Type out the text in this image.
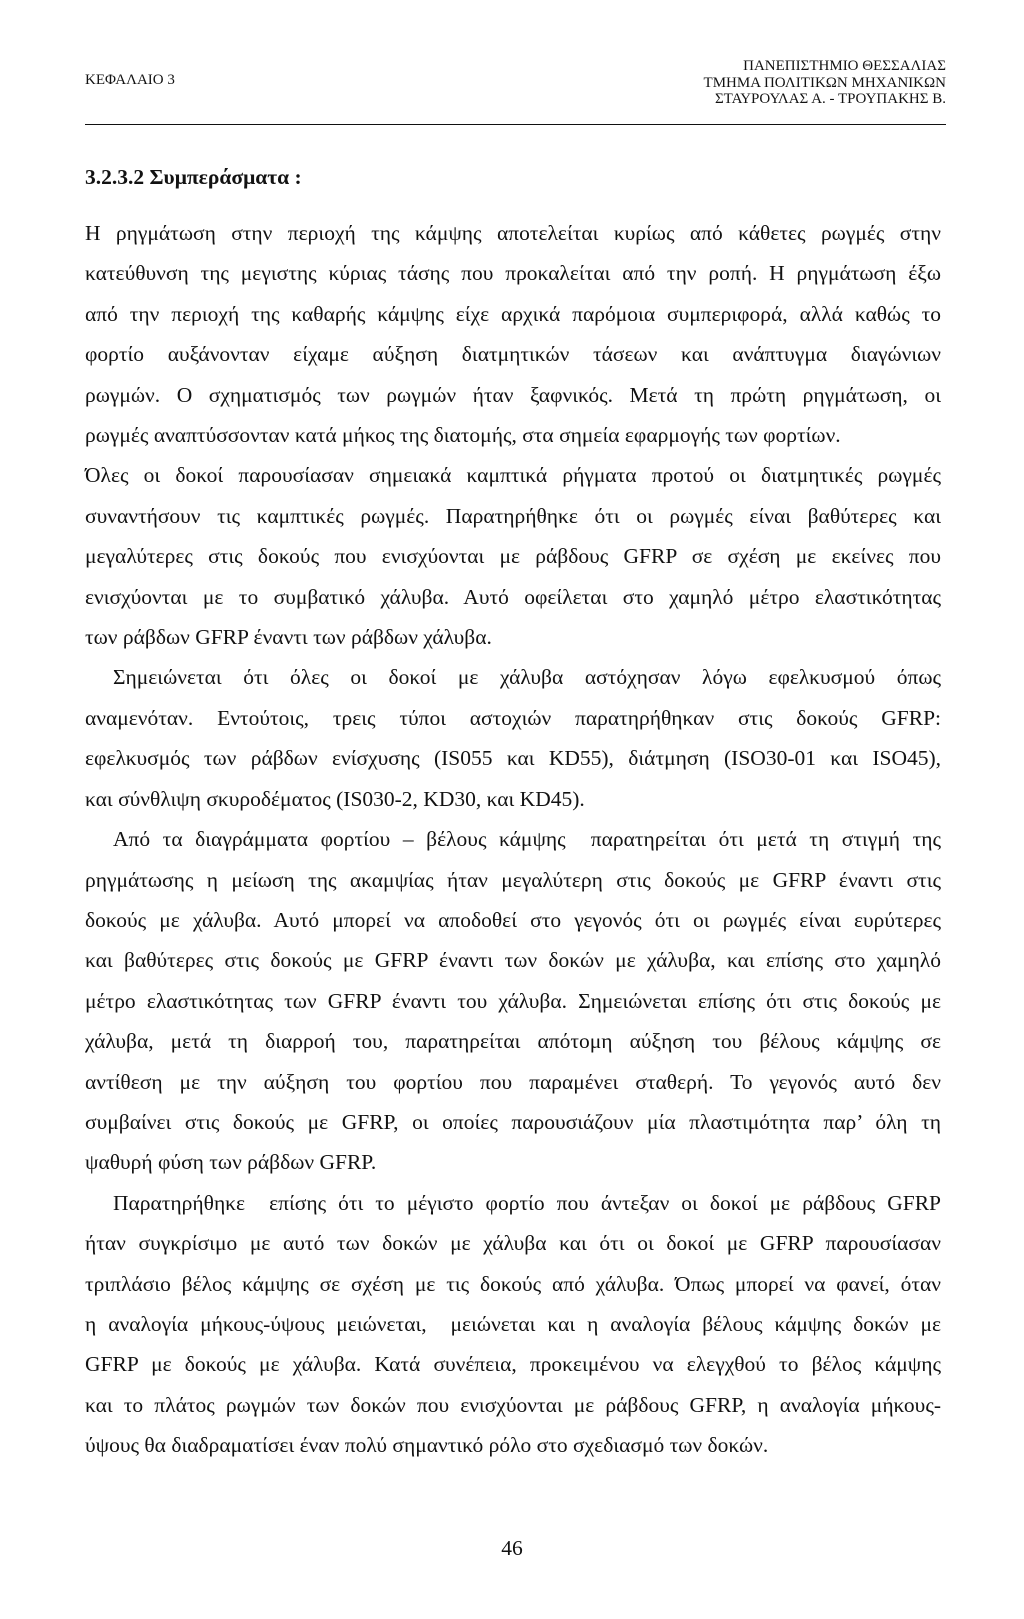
ΚΕΦΑΛΑΙΟ 3
ΠΑΝΕΠΙΣΤΗΜΙΟ ΘΕΣΣΑΛΙΑΣ
ΤΜΗΜΑ ΠΟΛΙΤΙΚΩΝ ΜΗΧΑΝΙΚΩΝ
ΣΤΑΥΡΟΥΛΑΣ Α. - ΤΡΟΥΠΑΚΗΣ Β.
3.2.3.2 Συμπεράσματα :
Η ρηγμάτωση στην περιοχή της κάμψης αποτελείται κυρίως από κάθετες ρωγμές στην
κατεύθυνση της μεγιστης κύριας τάσης που προκαλείται από την ροπή. Η ρηγμάτωση έξω
από την περιοχή της καθαρής κάμψης είχε αρχικά παρόμοια συμπεριφορά, αλλά καθώς το
φορτίο αυξάνονταν είχαμε αύξηση διατμητικών τάσεων και ανάπτυγμα διαγώνιων
ρωγμών. Ο σχηματισμός των ρωγμών ήταν ξαφνικός. Μετά τη πρώτη ρηγμάτωση, οι
ρωγμές αναπτύσσονταν κατά μήκος της διατομής, στα σημεία εφαρμογής των φορτίων.
Όλες οι δοκοί παρουσίασαν σημειακά καμπτικά ρήγματα προτού οι διατμητικές ρωγμές
συναντήσουν τις καμπτικές ρωγμές. Παρατηρήθηκε ότι οι ρωγμές είναι βαθύτερες και
μεγαλύτερες στις δοκούς που ενισχύονται με ράβδους GFRP σε σχέση με εκείνες που
ενισχύονται με το συμβατικό χάλυβα. Αυτό οφείλεται στο χαμηλό μέτρο ελαστικότητας
των ράβδων GFRP έναντι των ράβδων χάλυβα.
Σημειώνεται ότι όλες οι δοκοί με χάλυβα αστόχησαν λόγω εφελκυσμού όπως
αναμενόταν. Εντούτοις, τρεις τύποι αστοχιών παρατηρήθηκαν στις δοκούς GFRP:
εφελκυσμός των ράβδων ενίσχυσης (IS055 και KD55), διάτμηση (ISO30-01 και ISO45),
και σύνθλιψη σκυροδέματος (IS030-2, KD30, και KD45).
Από τα διαγράμματα φορτίου – βέλους κάμψης  παρατηρείται ότι μετά τη στιγμή της
ρηγμάτωσης η μείωση της ακαμψίας ήταν μεγαλύτερη στις δοκούς με GFRP έναντι στις
δοκούς με χάλυβα. Αυτό μπορεί να αποδοθεί στο γεγονός ότι οι ρωγμές είναι ευρύτερες
και βαθύτερες στις δοκούς με GFRP έναντι των δοκών με χάλυβα, και επίσης στο χαμηλό
μέτρο ελαστικότητας των GFRP έναντι του χάλυβα. Σημειώνεται επίσης ότι στις δοκούς με
χάλυβα, μετά τη διαρροή του, παρατηρείται απότομη αύξηση του βέλους κάμψης σε
αντίθεση με την αύξηση του φορτίου που παραμένει σταθερή. Το γεγονός αυτό δεν
συμβαίνει στις δοκούς με GFRP, οι οποίες παρουσιάζουν μία πλαστιμότητα παρ’ όλη τη
ψαθυρή φύση των ράβδων GFRP.
Παρατηρήθηκε  επίσης ότι το μέγιστο φορτίο που άντεξαν οι δοκοί με ράβδους GFRP
ήταν συγκρίσιμο με αυτό των δοκών με χάλυβα και ότι οι δοκοί με GFRP παρουσίασαν
τριπλάσιο βέλος κάμψης σε σχέση με τις δοκούς από χάλυβα. Όπως μπορεί να φανεί, όταν
η αναλογία μήκους-ύψους μειώνεται,  μειώνεται και η αναλογία βέλους κάμψης δοκών με
GFRP με δοκούς με χάλυβα. Κατά συνέπεια, προκειμένου να ελεγχθού το βέλος κάμψης
και το πλάτος ρωγμών των δοκών που ενισχύονται με ράβδους GFRP, η αναλογία μήκους-
ύψους θα διαδραματίσει έναν πολύ σημαντικό ρόλο στο σχεδιασμό των δοκών.
46
